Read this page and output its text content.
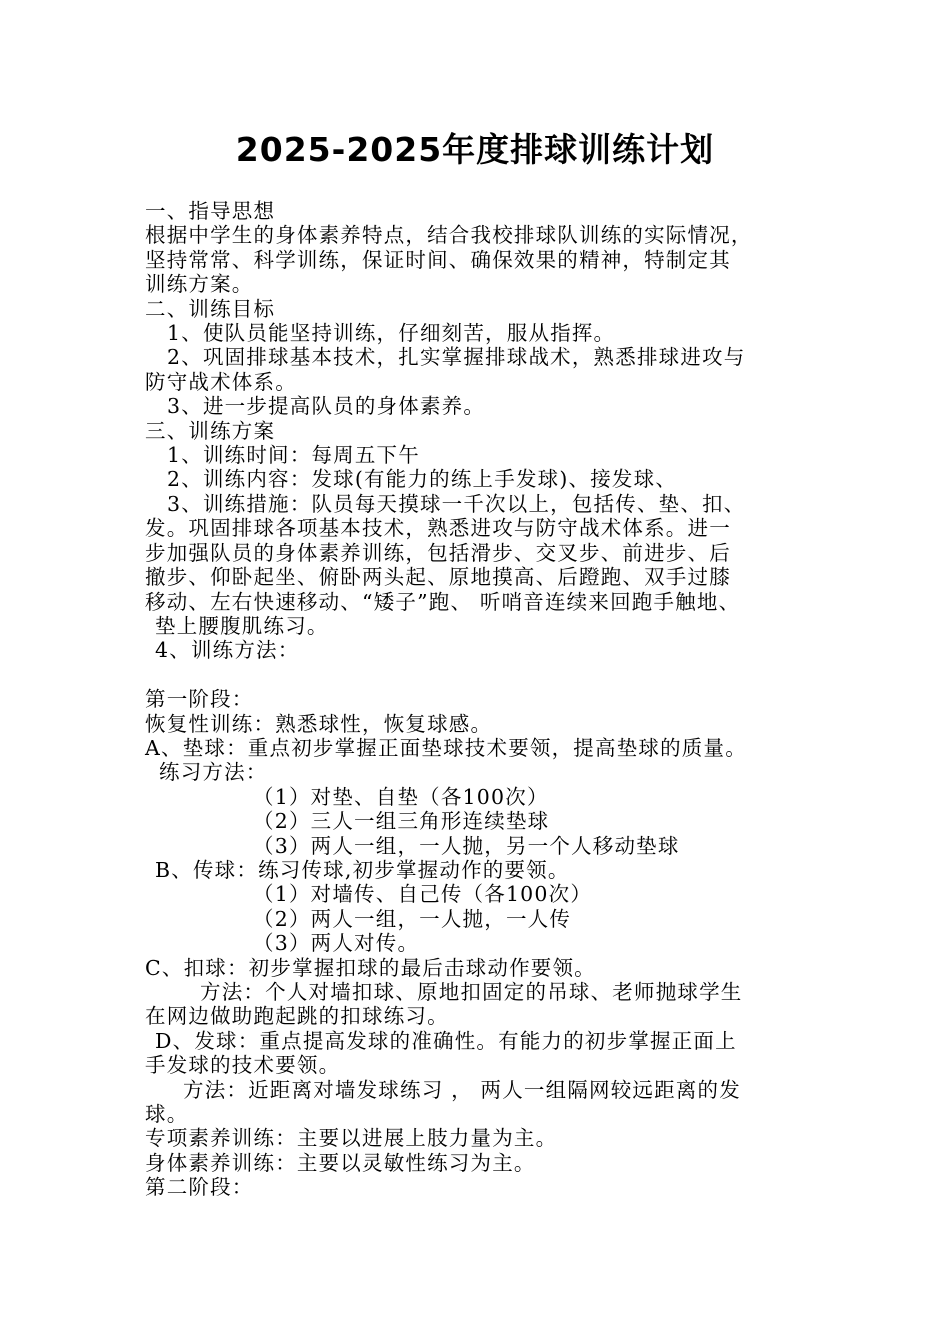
2025-2025年度排球训练计划
一、指导思想
根据中学生的身体素养特点，结合我校排球队训练的实际情况，
坚持常常、科学训练，保证时间、确保效果的精神，特制定其
训练方案。
二、训练目标
1、使队员能坚持训练，仔细刻苦，服从指挥。
2、巩固排球基本技术，扎实掌握排球战术，熟悉排球进攻与
防守战术体系。
3、进一步提高队员的身体素养。
三、训练方案
1、训练时间：每周五下午
2、训练内容：发球(有能力的练上手发球)、接发球、
3、训练措施：队员每天摸球一千次以上，包括传、垫、扣、
发。巩固排球各项基本技术，熟悉进攻与防守战术体系。进一
步加强队员的身体素养训练，包括滑步、交叉步、前进步、后
撤步、仰卧起坐、俯卧两头起、原地摸高、后蹬跑、双手过膝
移动、左右快速移动、“矮子”跑、 听哨音连续来回跑手触地、
垫上腰腹肌练习。
4、训练方法：
第一阶段：
恢复性训练：熟悉球性，恢复球感。
A、垫球：重点初步掌握正面垫球技术要领，提高垫球的质量。
练习方法：
（1）对垫、自垫（各100次）
（2）三人一组三角形连续垫球
（3）两人一组，一人抛，另一个人移动垫球
B、传球：练习传球,初步掌握动作的要领。
（1）对墙传、自己传（各100次）
（2）两人一组，一人抛，一人传
（3）两人对传。
C、扣球：初步掌握扣球的最后击球动作要领。
方法：个人对墙扣球、原地扣固定的吊球、老师抛球学生
在网边做助跑起跳的扣球练习。
D、发球：重点提高发球的准确性。有能力的初步掌握正面上
手发球的技术要领。
方法：近距离对墙发球练习 ， 两人一组隔网较远距离的发
球。
专项素养训练：主要以进展上肢力量为主。
身体素养训练：主要以灵敏性练习为主。
第二阶段：
